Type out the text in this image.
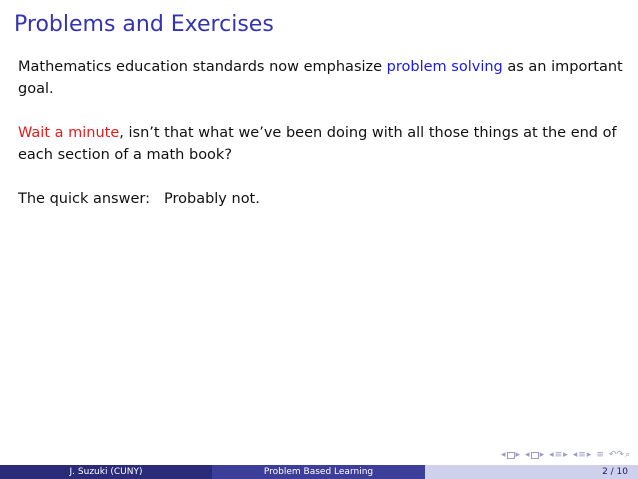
Problems and Exercises

Mathematics education standards now emphasize problem solving as an important goal.

Wait a minute, isn’t that what we’ve been doing with all those things at the end of each section of a math book?

The quick answer: Probably not.

◂ ▸ ◂ ▸ ◂ ≡ ▸ ◂ ≡ ▸ ≡ ↶↷ ⌕
J. Suzuki (CUNY)	Problem Based Learning	2 / 10
